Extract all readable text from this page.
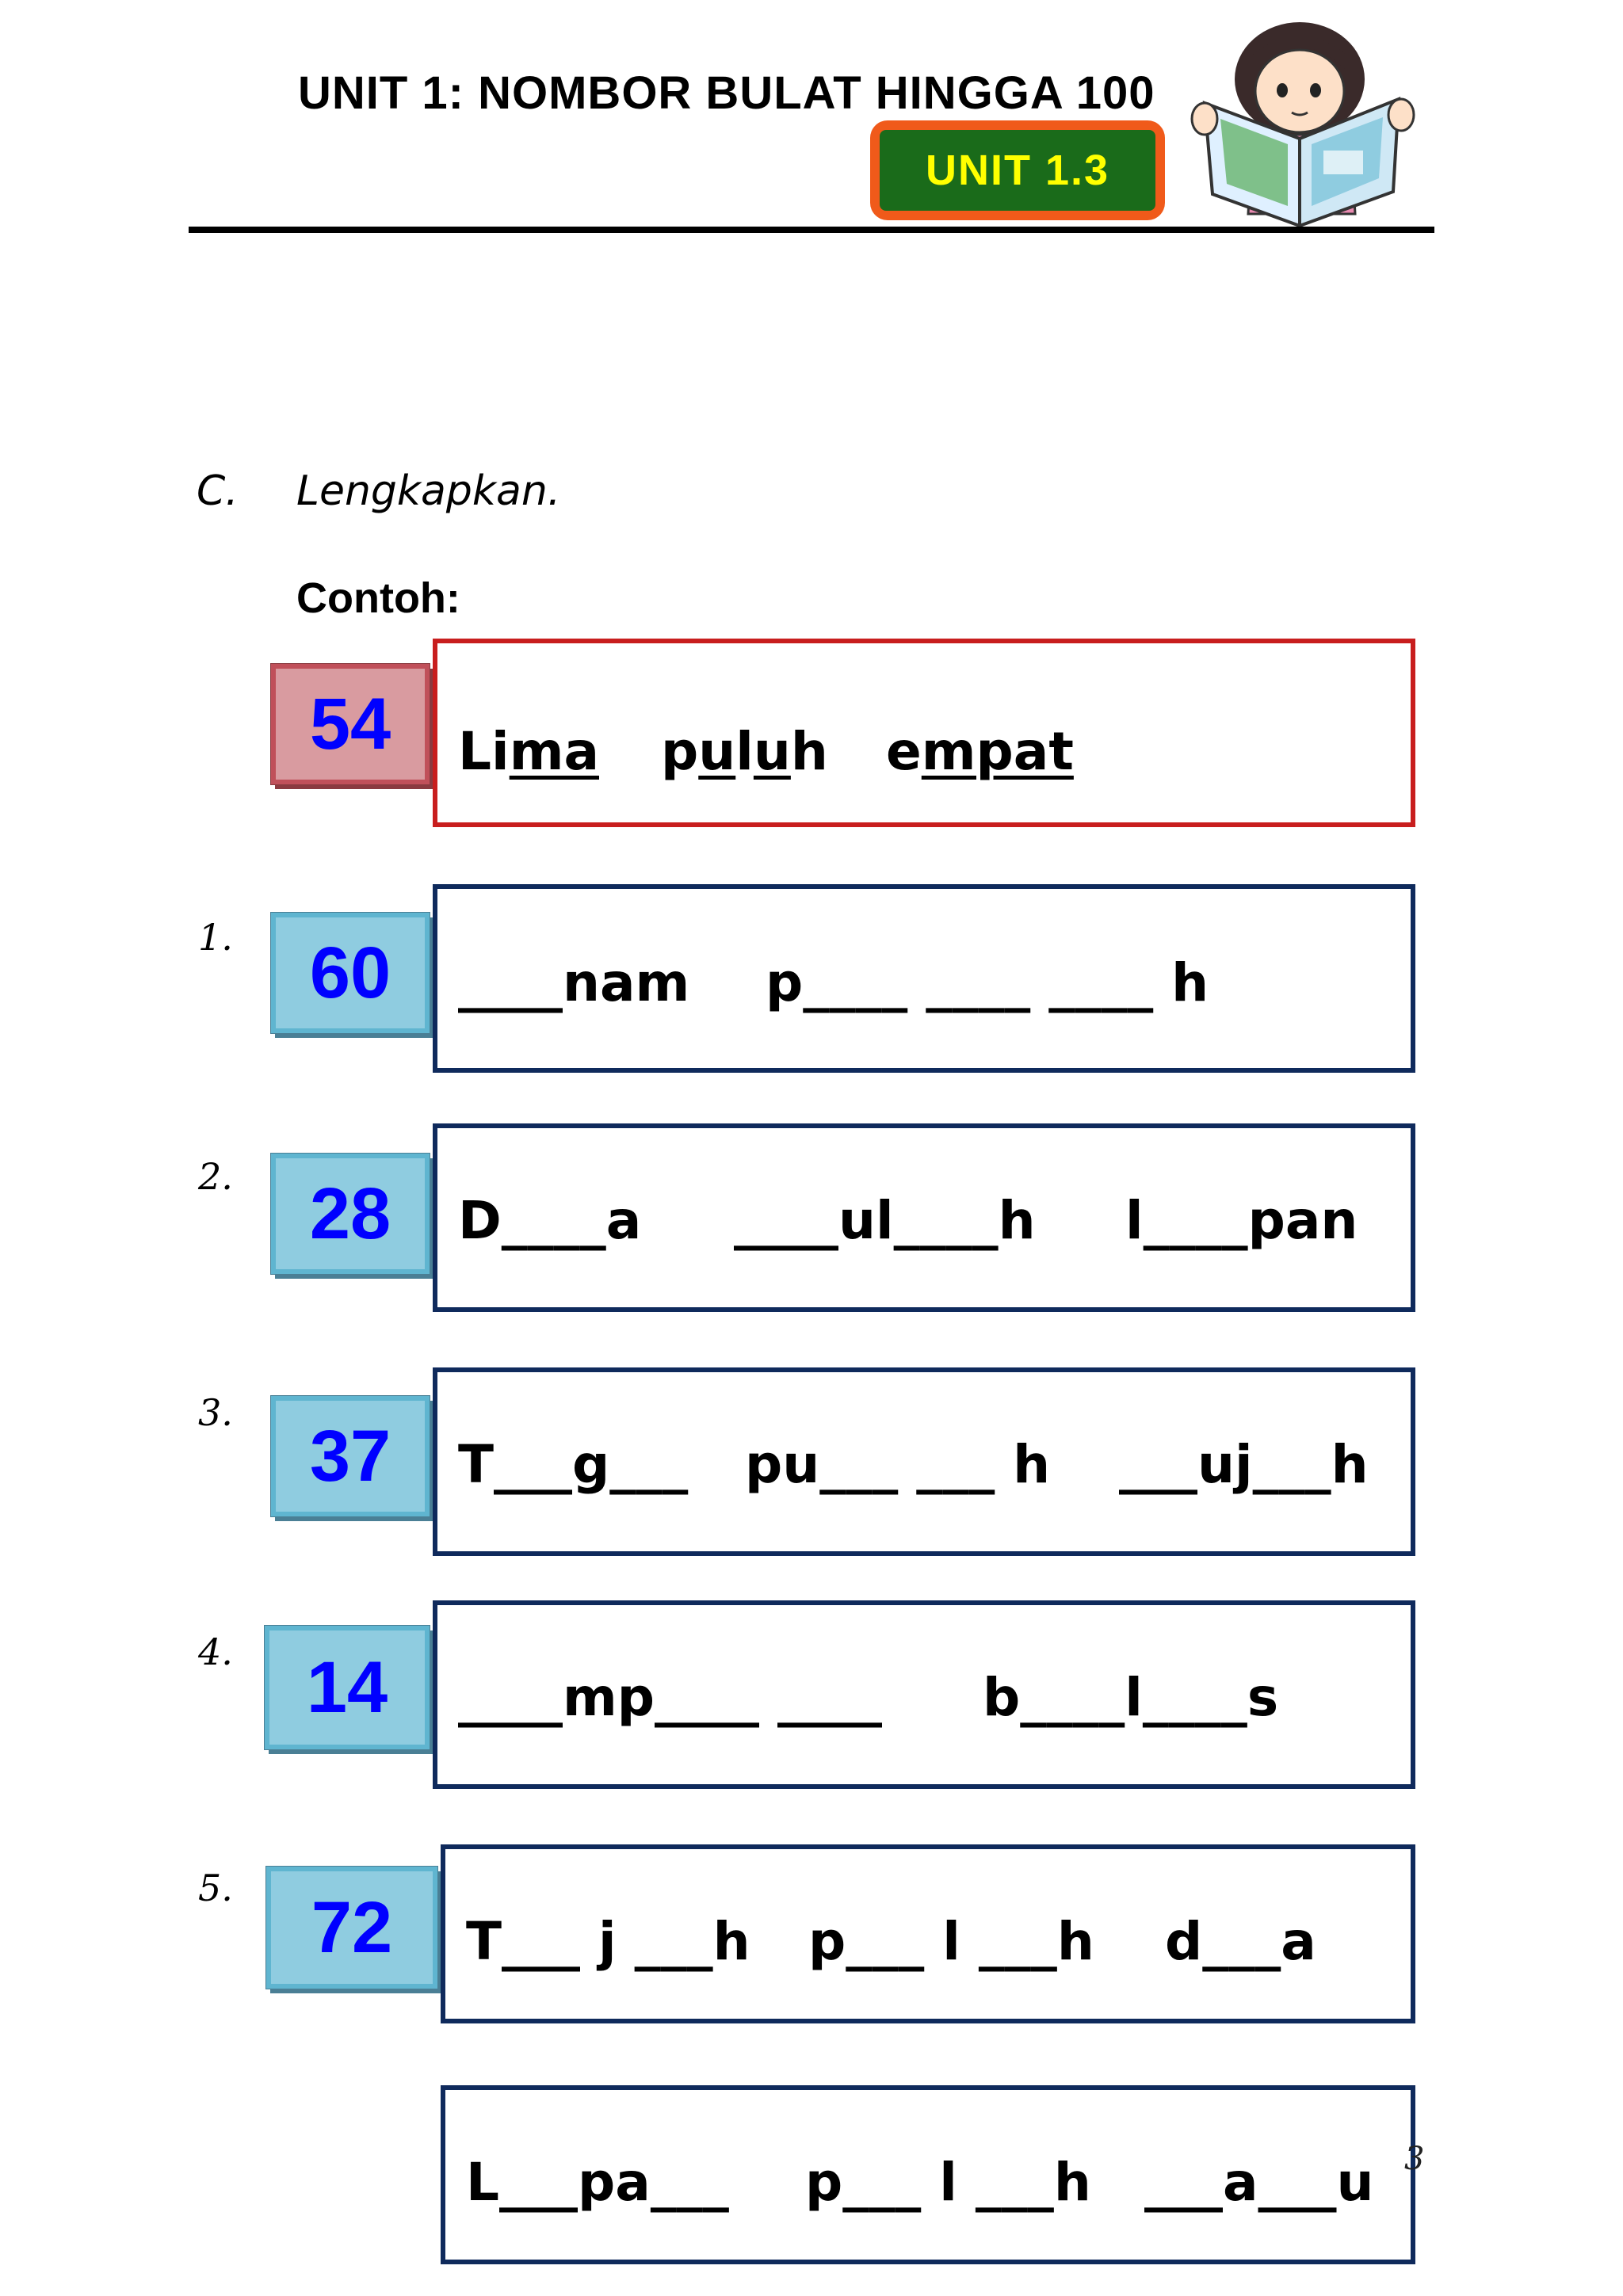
UNIT 1: NOMBOR BULAT HINGGA 100
UNIT 1.3
C. Lengkapkan.
Contoh:
54 Lima puluh empat
1. 60 ____nam p____ ____ ____ h
2. 28 D____a ____ul____h l____pan
3.
37 T___g___ pu___ ___ h ___uj___h
4. 14 ____mp____ ____ b____l____s
5. 72 T___ j ___h p___ l ___h d___a
L___pa___ p___ l ___h ___a___u 3
